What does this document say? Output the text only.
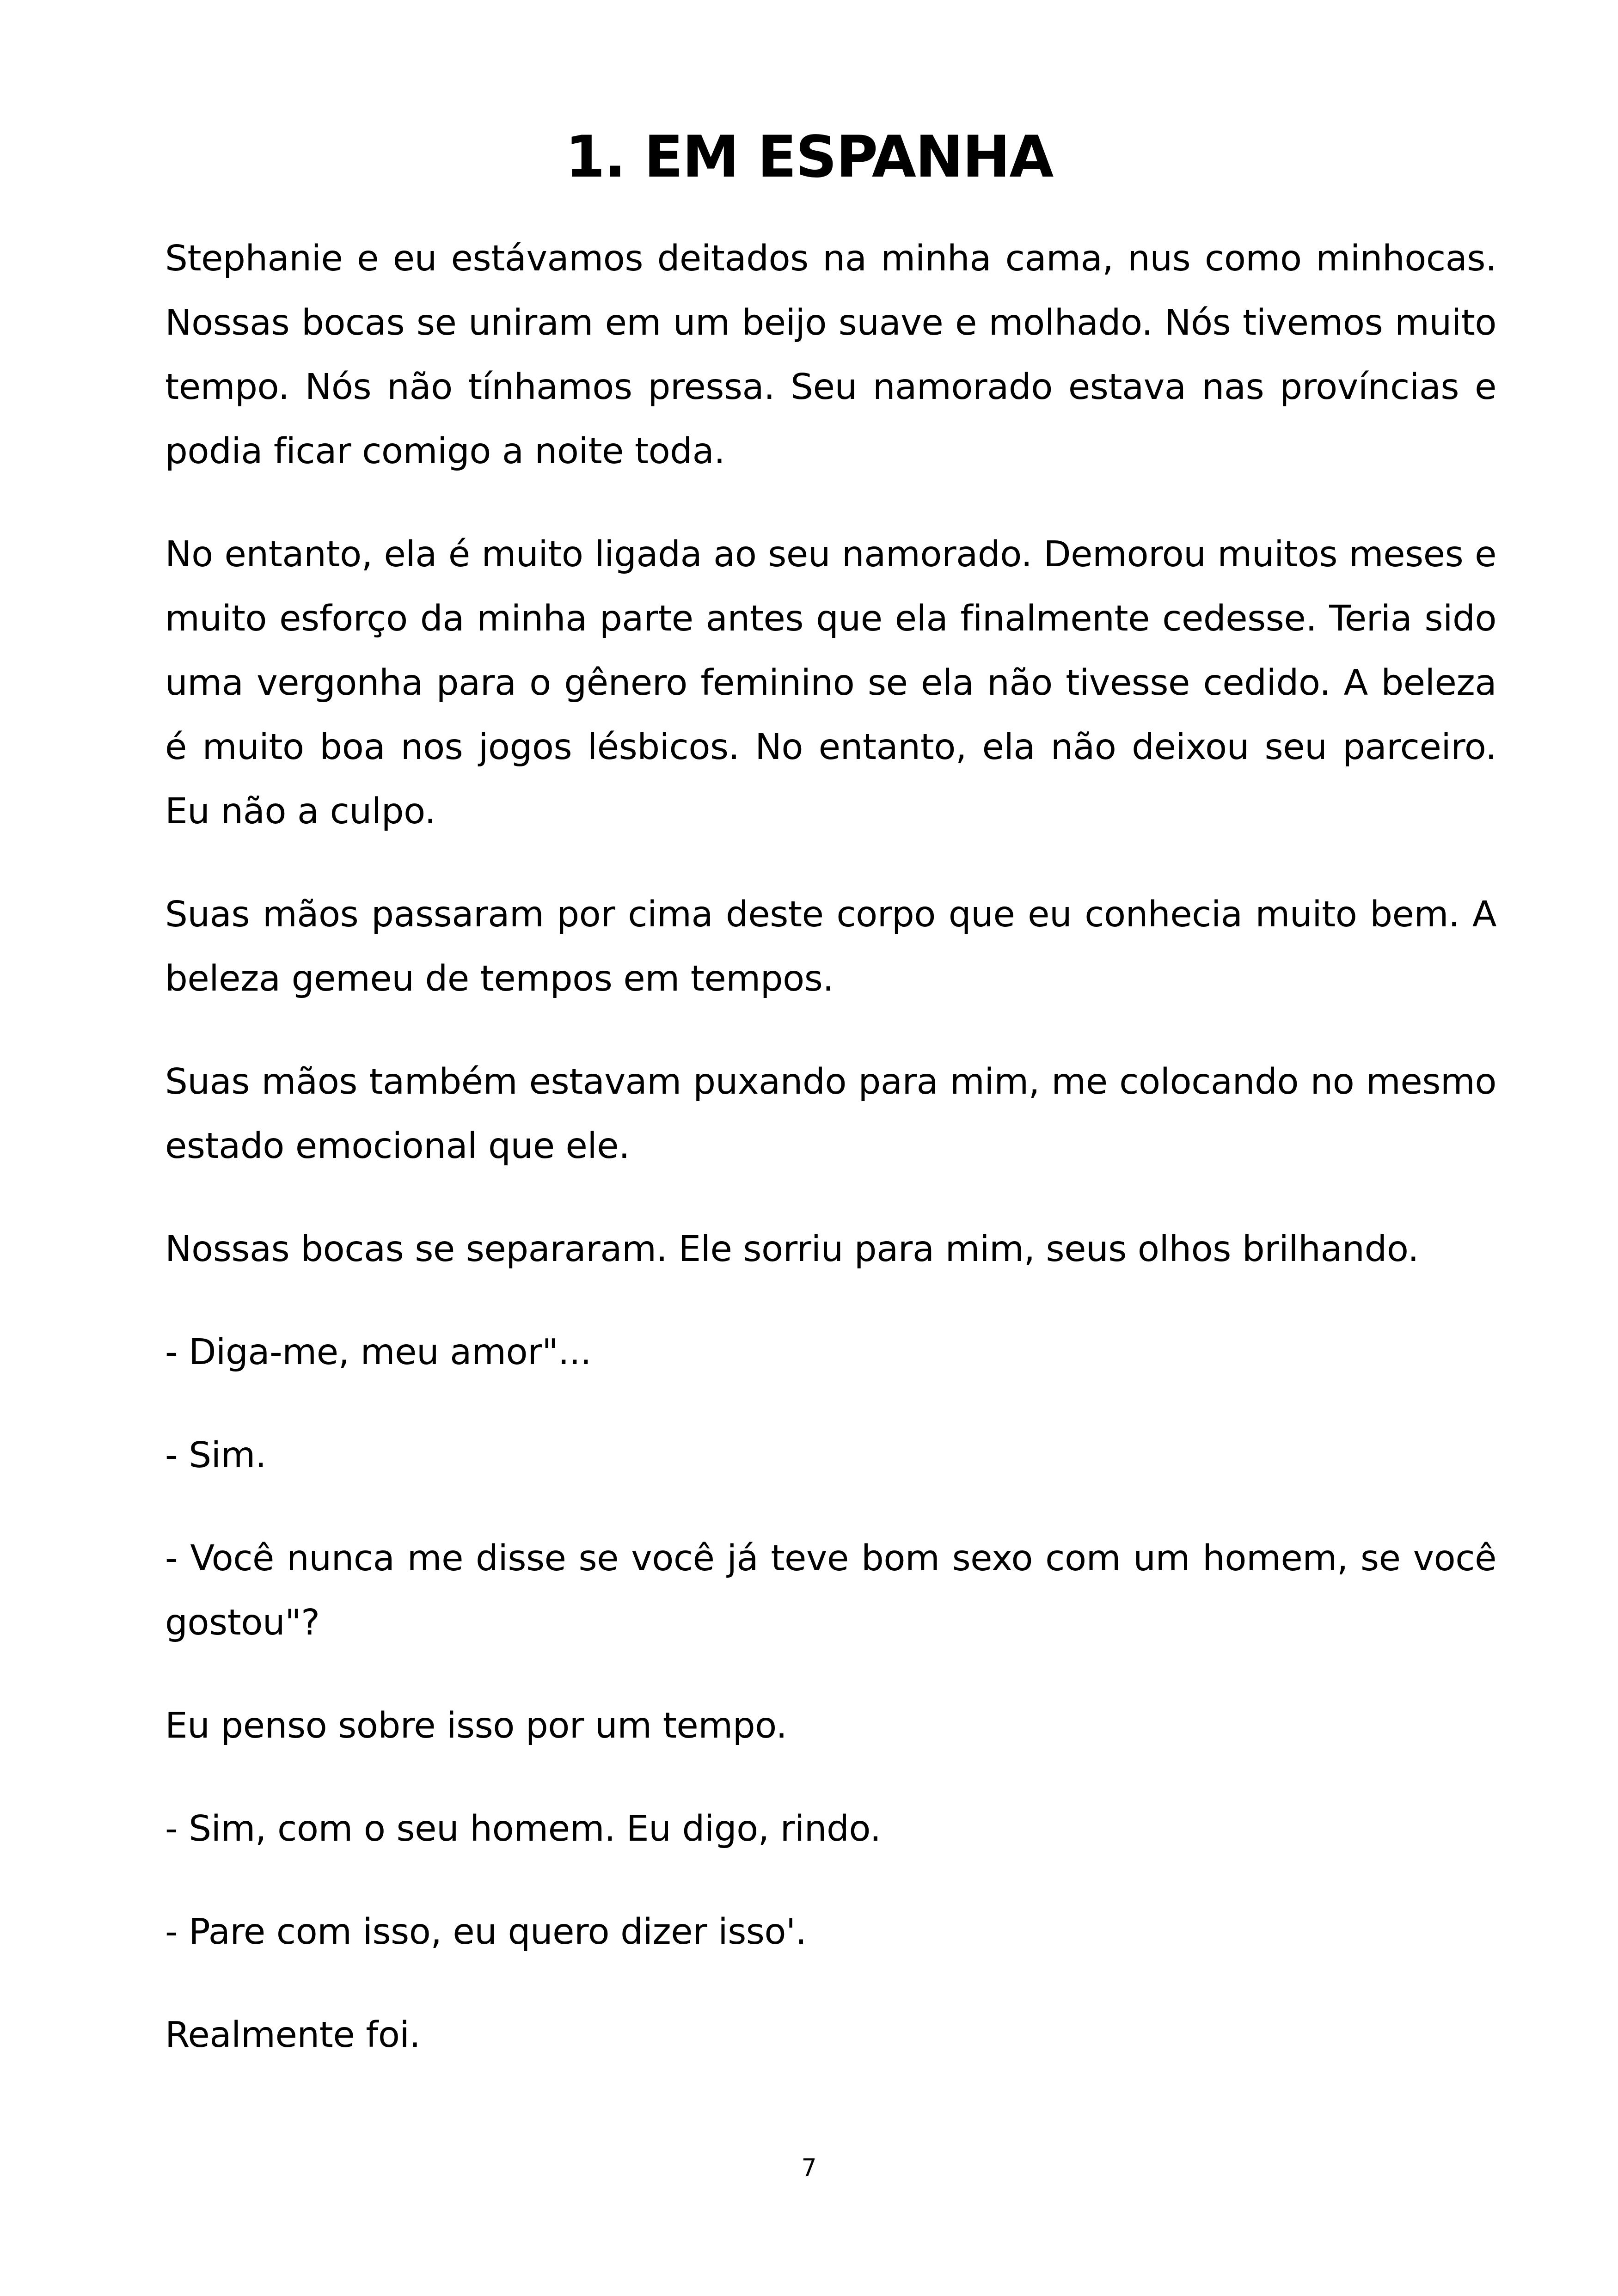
1. EM ESPANHA

Stephanie e eu estávamos deitados na minha cama, nus como minhocas. Nossas bocas se uniram em um beijo suave e molhado. Nós tivemos muito tempo. Nós não tínhamos pressa. Seu namorado estava nas províncias e podia ficar comigo a noite toda.

No entanto, ela é muito ligada ao seu namorado. Demorou muitos meses e muito esforço da minha parte antes que ela finalmente cedesse. Teria sido uma vergonha para o gênero feminino se ela não tivesse cedido. A beleza é muito boa nos jogos lésbicos. No entanto, ela não deixou seu parceiro. Eu não a culpo.

Suas mãos passaram por cima deste corpo que eu conhecia muito bem. A beleza gemeu de tempos em tempos.

Suas mãos também estavam puxando para mim, me colocando no mesmo estado emocional que ele.

Nossas bocas se separaram. Ele sorriu para mim, seus olhos brilhando.

- Diga-me, meu amor"...

- Sim.

- Você nunca me disse se você já teve bom sexo com um homem, se você gostou"?

Eu penso sobre isso por um tempo.

- Sim, com o seu homem. Eu digo, rindo.

- Pare com isso, eu quero dizer isso'.

Realmente foi.

7
